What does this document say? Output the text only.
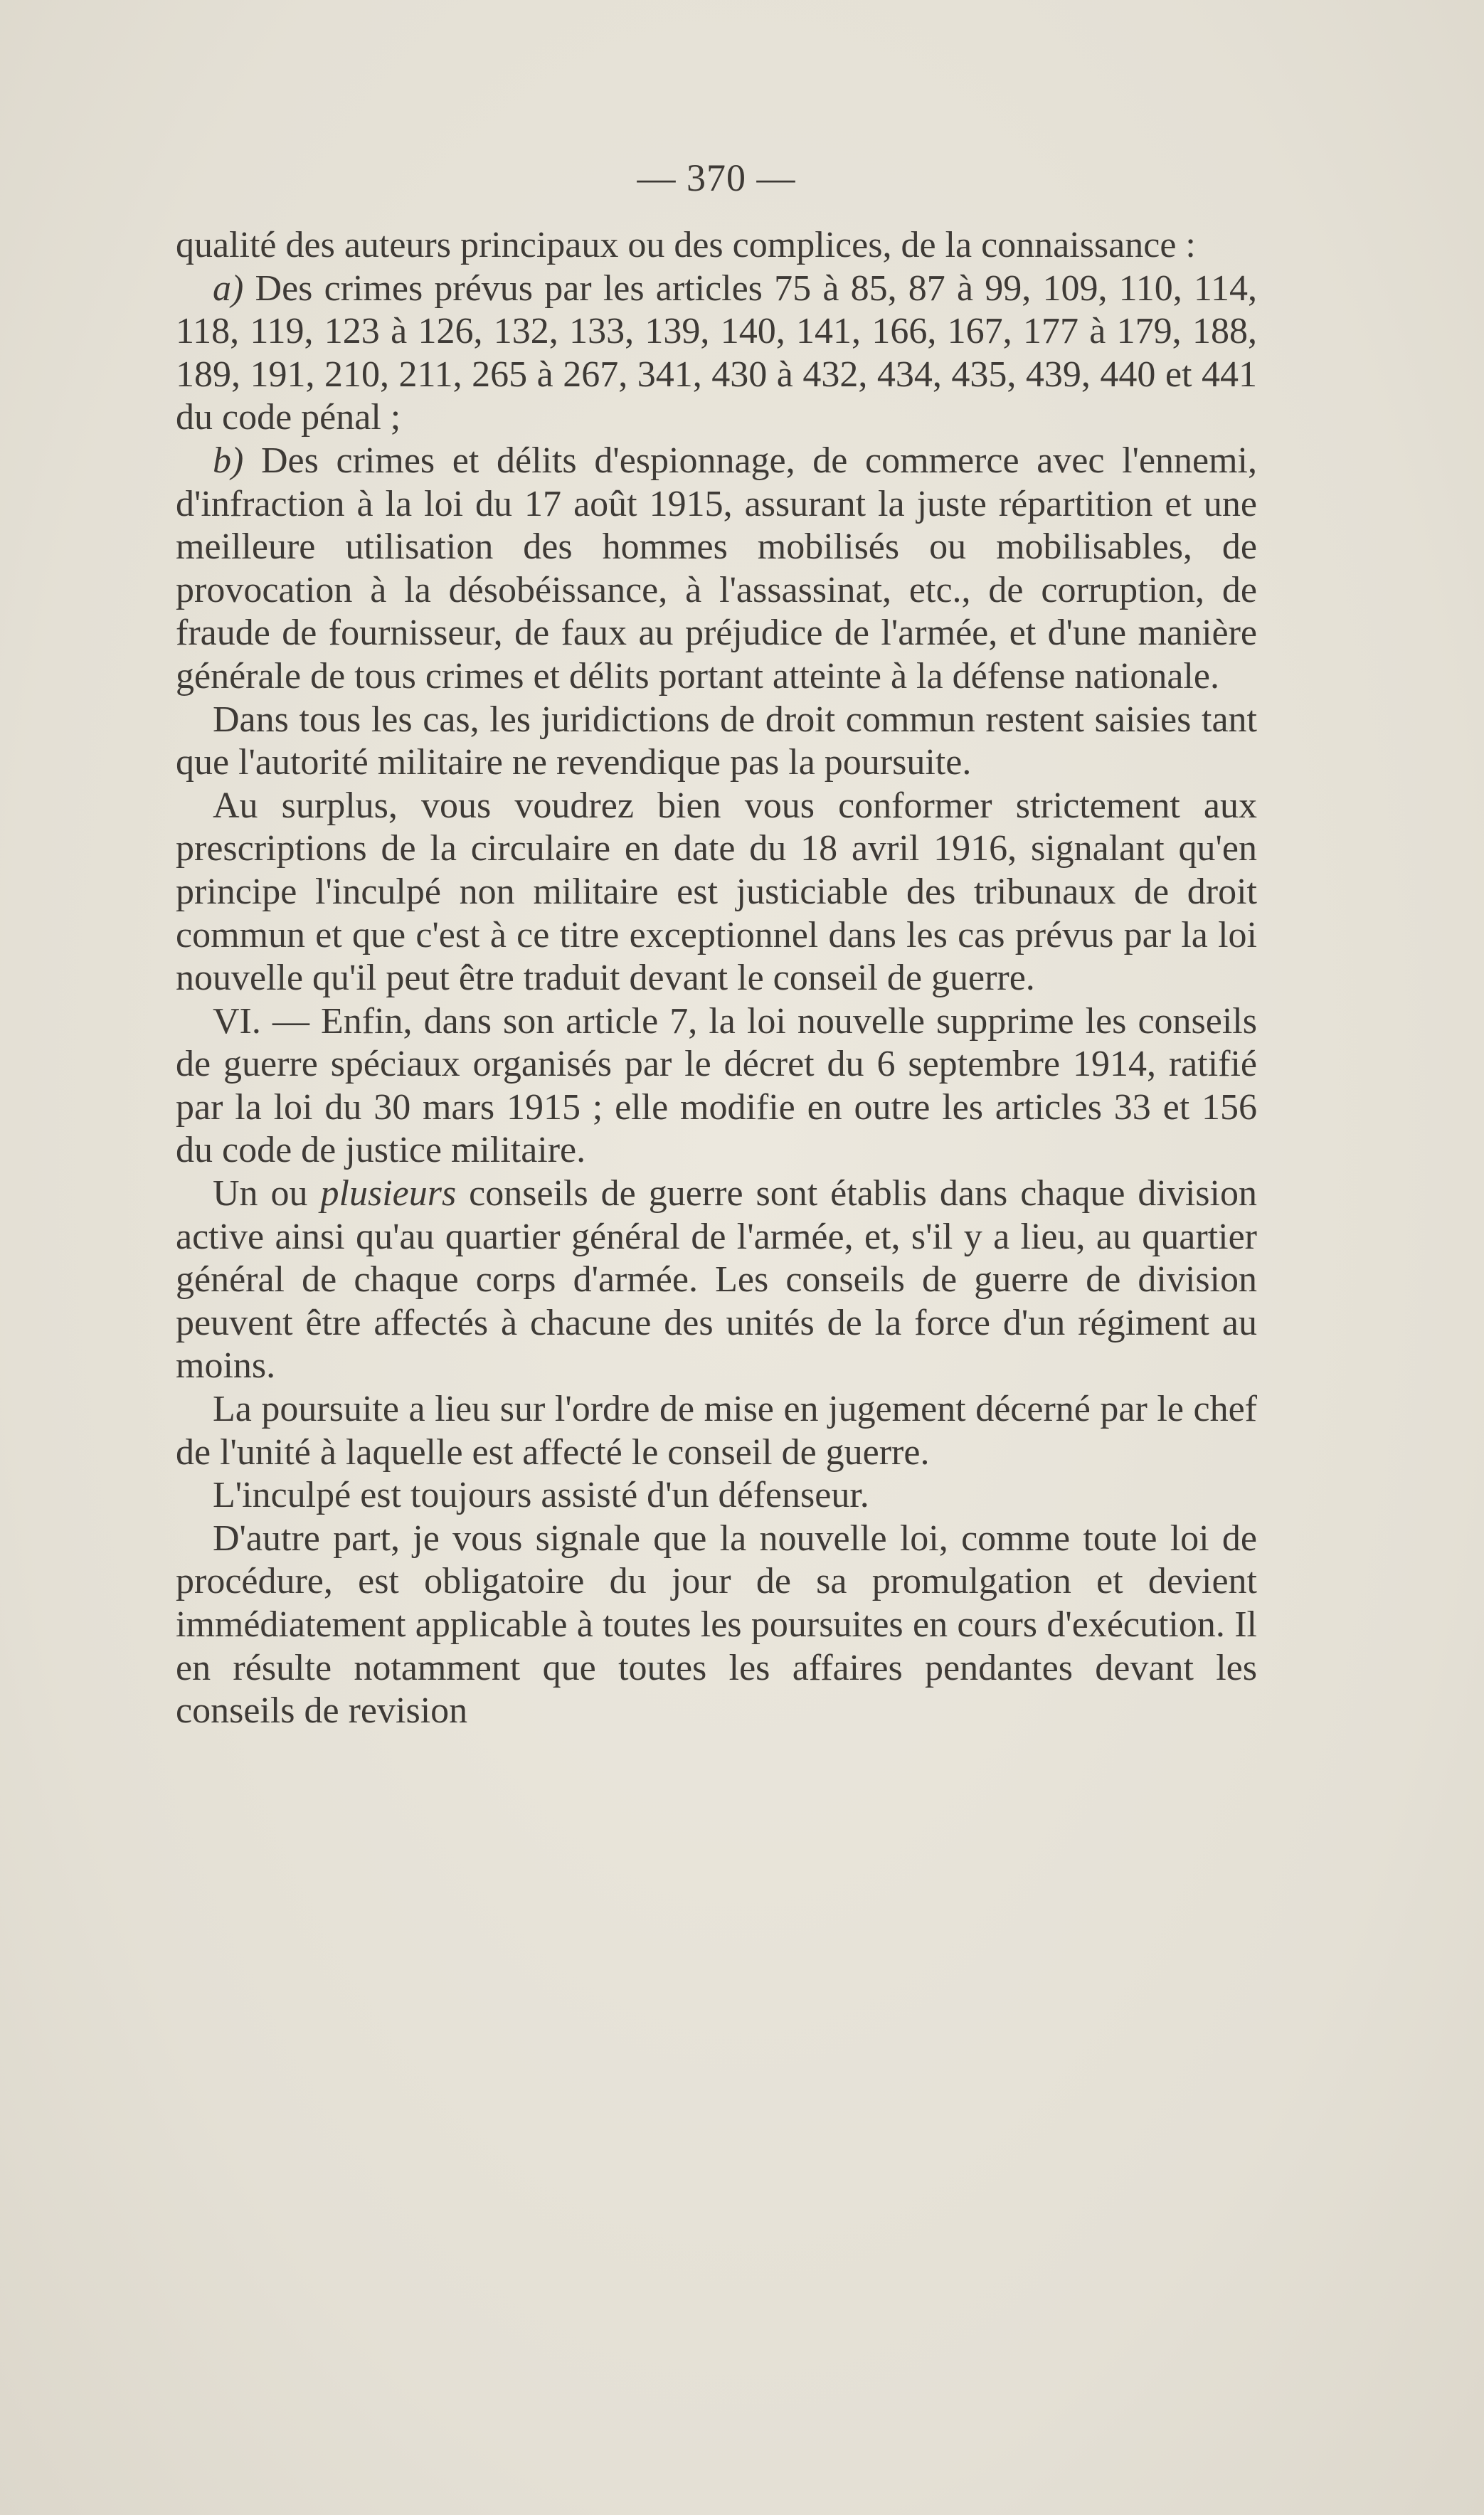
— 370 —

qualité des auteurs principaux ou des complices, de la connaissance :

a) Des crimes prévus par les articles 75 à 85, 87 à 99, 109, 110, 114, 118, 119, 123 à 126, 132, 133, 139, 140, 141, 166, 167, 177 à 179, 188, 189, 191, 210, 211, 265 à 267, 341, 430 à 432, 434, 435, 439, 440 et 441 du code pénal ;

b) Des crimes et délits d'espionnage, de commerce avec l'ennemi, d'infraction à la loi du 17 août 1915, assurant la juste répartition et une meilleure utilisation des hommes mobilisés ou mobilisables, de provocation à la désobéissance, à l'assassinat, etc., de corruption, de fraude de fournisseur, de faux au préjudice de l'armée, et d'une manière générale de tous crimes et délits portant atteinte à la défense nationale.

Dans tous les cas, les juridictions de droit commun restent saisies tant que l'autorité militaire ne revendique pas la poursuite.

Au surplus, vous voudrez bien vous conformer strictement aux prescriptions de la circulaire en date du 18 avril 1916, signalant qu'en principe l'inculpé non militaire est justiciable des tribunaux de droit commun et que c'est à ce titre exceptionnel dans les cas prévus par la loi nouvelle qu'il peut être traduit devant le conseil de guerre.

VI. — Enfin, dans son article 7, la loi nouvelle supprime les conseils de guerre spéciaux organisés par le décret du 6 septembre 1914, ratifié par la loi du 30 mars 1915 ; elle modifie en outre les articles 33 et 156 du code de justice militaire.

Un ou plusieurs conseils de guerre sont établis dans chaque division active ainsi qu'au quartier général de l'armée, et, s'il y a lieu, au quartier général de chaque corps d'armée. Les conseils de guerre de division peuvent être affectés à chacune des unités de la force d'un régiment au moins.

La poursuite a lieu sur l'ordre de mise en jugement décerné par le chef de l'unité à laquelle est affecté le conseil de guerre.

L'inculpé est toujours assisté d'un défenseur.

D'autre part, je vous signale que la nouvelle loi, comme toute loi de procédure, est obligatoire du jour de sa promulgation et devient immédiatement applicable à toutes les poursuites en cours d'exécution. Il en résulte notamment que toutes les affaires pendantes devant les conseils de revision
